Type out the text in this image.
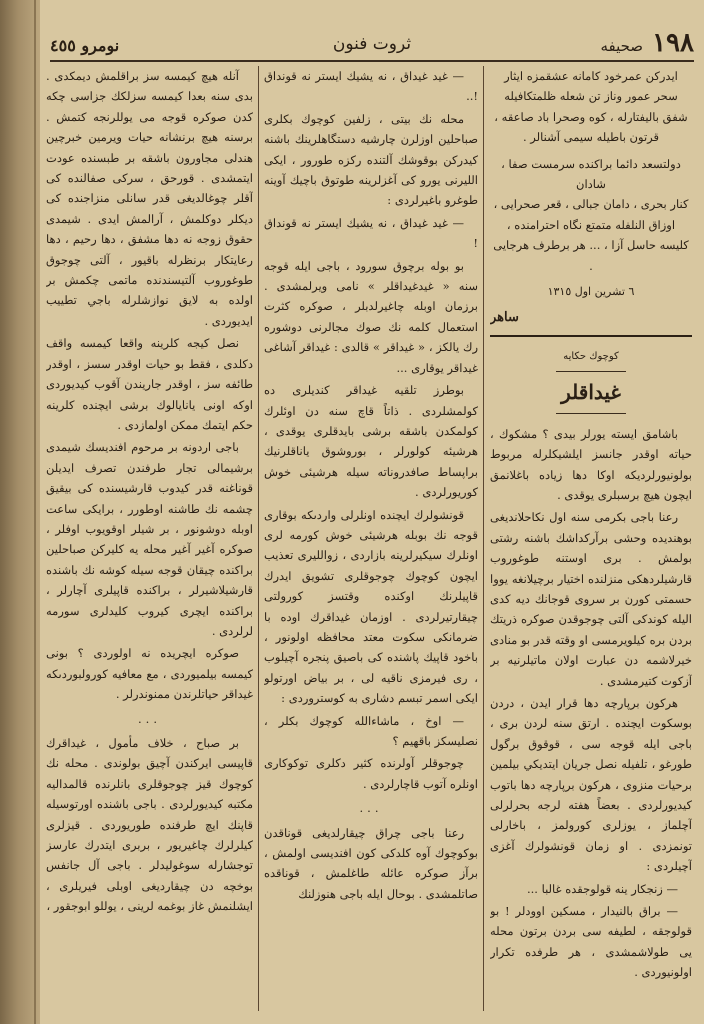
١٩٨ صحيفه
ثروت فنون
نومرو ٤٥٥
ايدركن عمرخود كامانه عشقمزه ايثار
سحر عمور وناز تن شعله ظلمتكافيله
شفق باليفتارله ، كوه وصحرا باد صاعقه ،
قرتون باطيله سيمى آشنالر .
دولتسعد دائما براكنده سرمست صفا ، شادان
كنار بحرى ، دامان جبالى ، قعر صحرايى ،
اوزاق النلفله متمتع نگاه احترامنده ،
كليسه حاسل آزا ، ... هر برطرف هرجايى .
٦ تشرين اول ١٣١٥
ساهر
كوچوك حكايه
غيداقلر

باشامق ايسته يورلر بيدى ؟ مشكوك ، حياته اوقدر جانسز ايلشيكلرله مربوط بولونيورلرديكه اوكا دها زياده باغلانمق ايچون هيچ برسبلرى يوقدى .

رعنا باجى بكرمى سنه اول نكاحلانديغى بوهنديده وحشى برآركداشك باشنه رشتى بولمش . برى اوستنه طوغوروب قارشيلردهكى منزلنده اختيار برچيلانغه يووا حسمتى كورن بر سروى قوجانك ديه كدى اليله كوندكى آلتى چوجوقدن صوكره ذريتك بردن بره كيلويرمسى او وقته قدر بو منادى خيرلاشمه دن عبارت اولان ماتيلرنيه بر آزكوت كتيرمشدى .

هركون برپارچه دها قرار ايدن ، دردن بوسكوت ايچنده . ارتق سنه لردن برى ، باجى ايله قوجه سى ، قوقوق برگول طورغو ، تلفيله نصل جريان ايتديكي بيلمين برحيات منزوى ، هركون برپارچه دها باتوب كيديورلردى . بعضاً هفته لرجه بحرلرلى آچلماز ، يوزلرى كورولمز ، باخارلى تونمزدى . او زمان قونشولرك آغزى آچيلردى :

— زنجكار ينه قولوجقده غالبا ...

— براق بالنيدار ، مسكين اوودلر ! بو قولوجقه ، لطيفه سى بردن برتون محله يى طولاشمشدى ، هر طرفده تكرار اولونيوردى .

— غيد غيداق ، نه يشيك ايستر نه قونداق !..

محله نك بيتى ، زلفين كوچوك بكلرى صباحلين اوزلرن چارشيه دستگاهلرينك باشنه كيدركن بوقوشك آلتنده ركزه طورور ، ايكى الليرنى يورو كى آغزلرينه طوتوق باچيك آوينه طوغرو باغيرلردى :

— غيد غيداق ، نه يشيك ايستر نه قونداق !

بو بوله برچوق سورود ، باجى ايله قوجه سنه « غيدغيداقلر » نامى ويرلمشدى . برزمان اوبله چاغيرلدبلر ، صوكره كثرت استعمال كلمه نك صوك مجالرنى دوشوره رك يالكز ، « غيداقر » قالدى : غيداقر آشاغى غيداقر يوقارى ...

بوطرز تلقيه غيداقر كنديلرى ده كولمشلردى . ذاتاً قاچ سنه دن اوئلرك كولمكدن باشقه برشى بايدقلرى يوقدى ، هرشيئه كولورلر ، بوروشوق ياناقلرنيك براپساط صافدروناته سيله هرشيئى خوش كوريورلردى .

قونشولرك ايچنده اونلرلى واردىكه بوقارى قوجه نك بوبله هرشيئى خوش كورمه لرى اونلرك سيكيرلرينه بازاردى ، زوالليرى تعذيب ايچون كوچوك چوجوقلرى تشويق ايدرك قاپيلرنك اوكنده وقتسز كورولتى چيقارتيرلردى . اوزمان غيداقرك اوده با ضرمانكى سكوت معتد محافظه اولونور ، باخود قاپيك پاشنده كى باصيق پنجره آچيلوب ، رى فيرمزى ناقيه لى ، بر بياض اورتولو ايكى اسمر تبسم دشارى به كوستروردى :

— اوخ ، ماشاءالله كوچوك بكلر ، نصليسكز باقهيم ؟

چوجوقلر آولرنده كثير دكلرى توكوكارى اونلره آتوب قاچارلردى .

...

رعنا باجى چراق چيقارلديغى قوناقدن بوكوچوك آوه كلدكى كون افنديسى اولمش ، برآز صوكره عائله طاغلمش ، قوناقده صاتلمشدى . بوحال ايله باجى هنوزلنك

آنله هيچ كيمسه سز براقلمش ديمكدى . بدى سنه بعدا كيمسه سزلكك جزاسى چكه كدن صوكره قوجه مى يوللرنجه كتمش . برسنه هيچ برنشانه حيات ويرمين خبرچين هندلى مجاورون باشقه بر طبسنده عودت ايتمشدى . قورحق ، سركى صفالنده كى آقلر چوغالديغى قدر سانلى منزاجنده كى ديكلر دوكلمش ، آرالمش ايدى . شيمدى حقوق زوجه نه دها مشفق ، دها رحيم ، دها رعايتكار برنظرله باقيور ، آلتى چوجوق طوغوروب آلتيسندنده ماتمى چكمش بر اولده به لايق نوازشلرله باجي تطييب ايديوردى .

نصل كيجه كلرينه واقعا كيمسه واقف دكلدى ، فقط بو حيات اوقدر سسز ، اوقدر طائفه سز ، اوقدر جاريندن آقوب كيديوردى اوكه اونى يانايالوك برشى ايچنده كلرينه حكم ايتمك ممكن اولمازدى .

باجى اردونه بر مرحوم افنديسك شيمدى برشيمالى تجار طرفندن تصرف ايديلن قوناغنه قدر كيدوب قارشيسنده كى بيقيق چشمه نك طاشنه اوطورر ، برايكى ساعت اوبله دوشونور ، بر شيلر اوقويوب اوفلر ، صوكره آغير آغير محله يه كليركن صباحلين براكنده چيقان قوجه سيله كوشه نك باشنده قارشيلاشيرلر ، براكنده قاپيلرى آچارلر ، براكنده ايچرى كيروب كليدلرى سورمه لرلردى .

صوكره ايچريده نه اولوردى ؟ بونى كيمسه بيلميوردى ، مع معافيه كورولبوردىكه غيداقر حياتلرندن ممنوندرلر .

...

بر صباح ، خلاف مأمول ، غيداقرك قاپيسى ايركندن آچيق بولوندى . محله نك كوچوك قيز چوجوقلرى بانلرنده قالمداليه مكتبه كيديورلردى . باجى باشنده اورتوسيله قاپنك ايچ طرفنده طوريوردى . قيزلرى كيلرلرك چاغيريور ، بربرى ايتدرك عارسز توجشارله سوغوليدلر . باجى آل جانفس بوخچه دن چيقارديغى اوبلى فيريلرى ، ايشلنمش غاز بوغمه لرينى ، يوللو ابوجقور ،
